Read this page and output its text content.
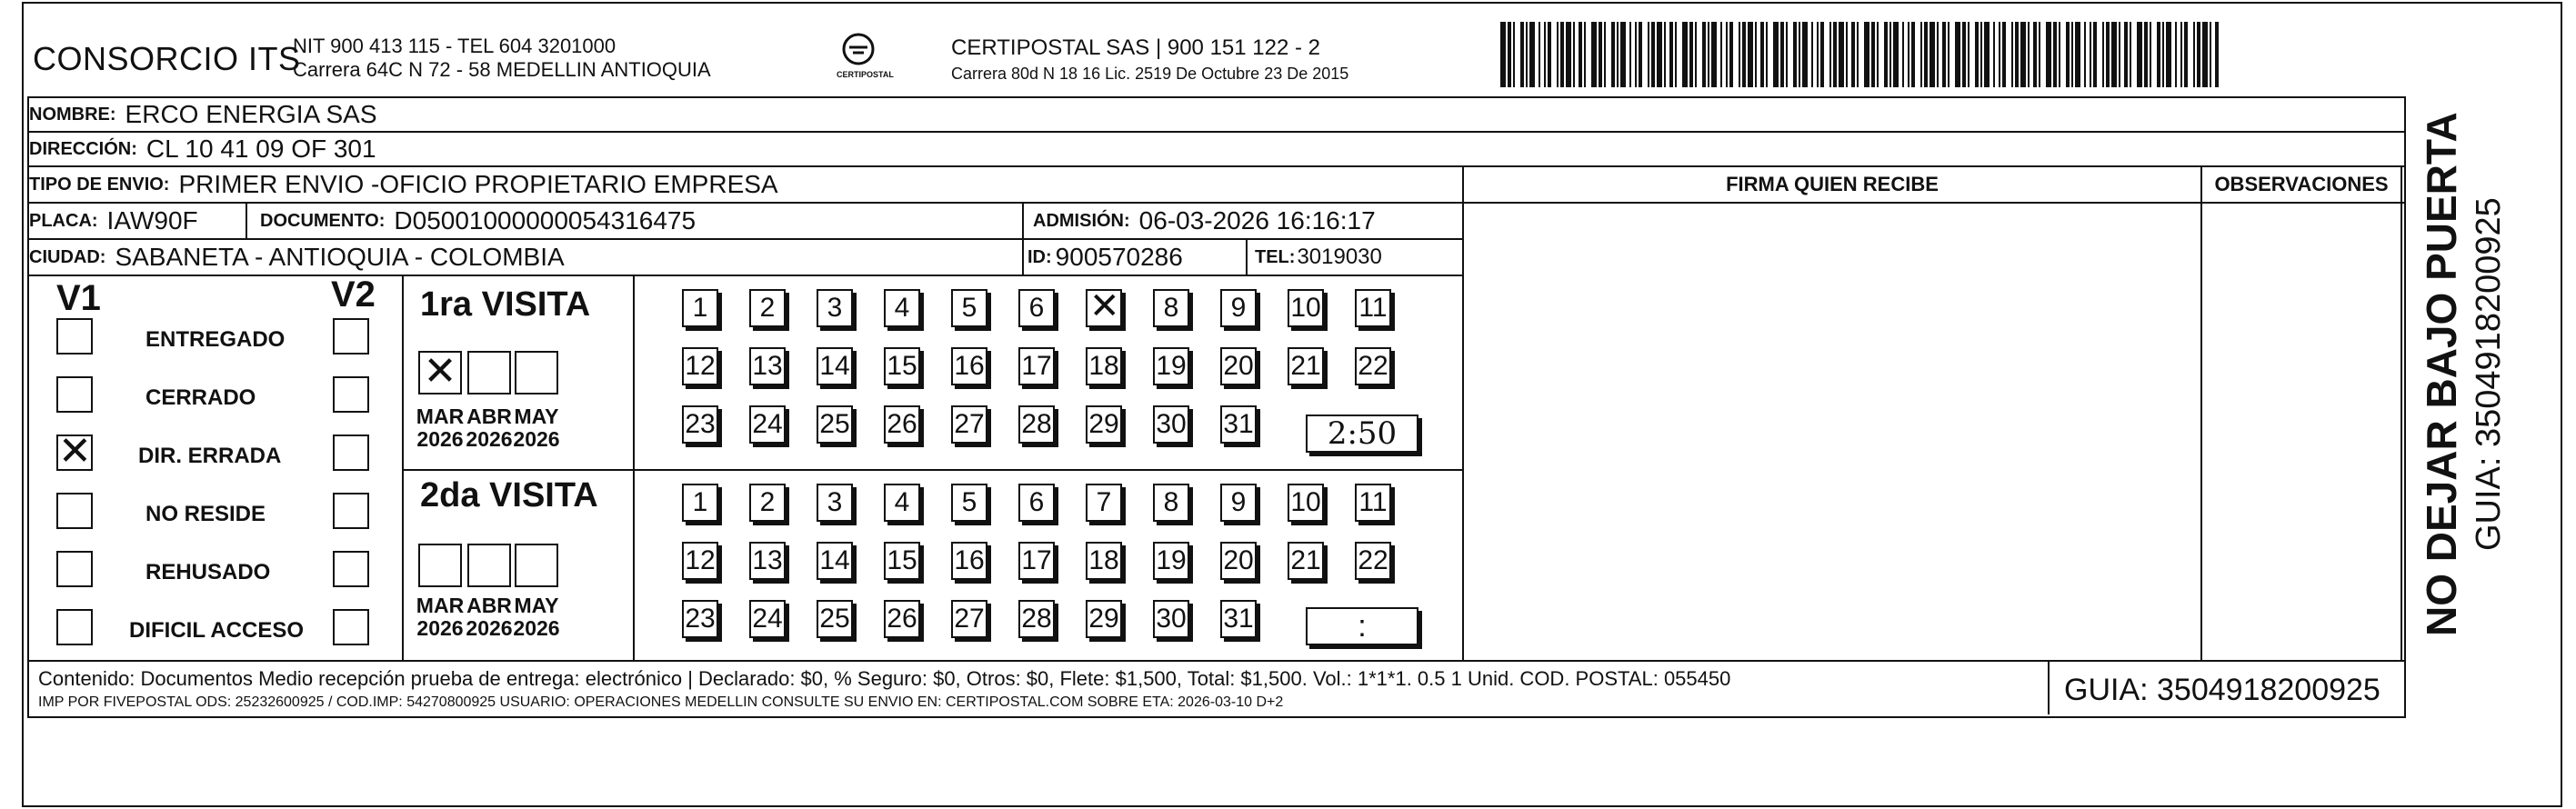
CONSORCIO ITS
NIT 900 413 115 - TEL 604 3201000
Carrera 64C N 72 - 58 MEDELLIN ANTIOQUIA	CERTIPOSTAL
CERTIPOSTAL SAS | 900 151 122 - 2
Carrera 80d N 18 16 Lic. 2519 De Octubre 23 De 2015
NOMBRE: ERCO ENERGIA SAS
DIRECCIÓN: CL 10 41 09 OF 301
TIPO DE ENVIO: PRIMER ENVIO -OFICIO PROPIETARIO EMPRESA
PLACA: IAW90F	DOCUMENTO: D05001000000054316475	ADMISIÓN: 06-03-2026 16:16:17
CIUDAD: SABANETA - ANTIOQUIA - COLOMBIA	ID: 900570286	TEL: 3019030
FIRMA QUIEN RECIBE	OBSERVACIONES
V1	V2
ENTREGADO
CERRADO
✕ DIR. ERRADA
NO RESIDE
REHUSADO
DIFICIL ACCESO
1ra VISITA
✕
MAR
2026
ABR
2026
MAY
2026
1	2	3	4	5	6
✕	8	9	10 11
12 13 14 15 16 17 18 19 20 21 22
23 24 25 26 27 28 29 30 31	2:50
2da VISITA
MAR
2026
ABR
2026
MAY
2026
1	2	3	4	5	6	7	8	9	10 11
12 13 14 15 16 17 18 19 20 21 22
23 24 25 26 27 28 29 30 31	:
Contenido: Documentos Medio recepción prueba de entrega: electrónico | Declarado: $0, % Seguro: $0, Otros: $0, Flete: $1,500, Total: $1,500. Vol.: 1*1*1. 0.5 1 Unid. COD. POSTAL: 055450
IMP POR FIVEPOSTAL ODS: 25232600925 / COD.IMP: 54270800925 USUARIO: OPERACIONES MEDELLIN CONSULTE SU ENVIO EN: CERTIPOSTAL.COM SOBRE ETA: 2026-03-10 D+2	GUIA: 3504918200925
NO DEJAR BAJO PUERTA GUIA: 3504918200925
